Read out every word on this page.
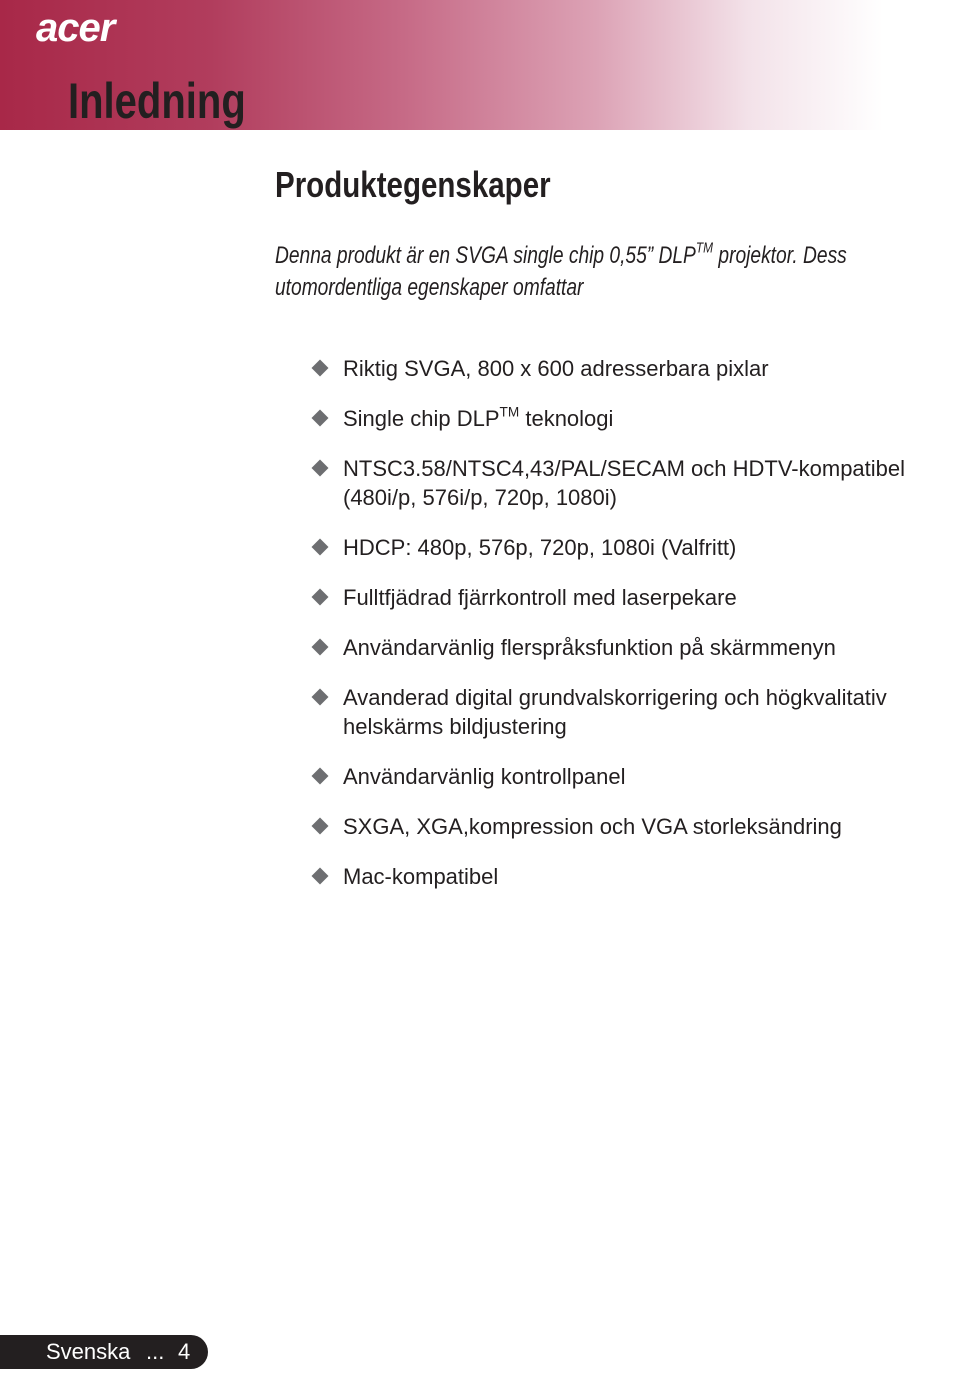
acer
Inledning
Produktegenskaper

Denna produkt är en SVGA single chip 0,55” DLP™ projektor. Dess utomordentliga egenskaper omfattar

Riktig SVGA, 800 x 600 adresserbara pixlar
Single chip DLP™ teknologi
NTSC3.58/NTSC4,43/PAL/SECAM och HDTV-kompatibel (480i/p, 576i/p, 720p, 1080i)
HDCP: 480p, 576p, 720p, 1080i (Valfritt)
Fulltfjädrad fjärrkontroll med laserpekare
Användarvänlig flerspråksfunktion på skärmmenyn
Avanderad digital grundvalskorrigering och högkvalitativ helskärms bildjustering
Användarvänlig kontrollpanel
SXGA, XGA,kompression och VGA storleksändring
Mac-kompatibel
Svenska ... 4
